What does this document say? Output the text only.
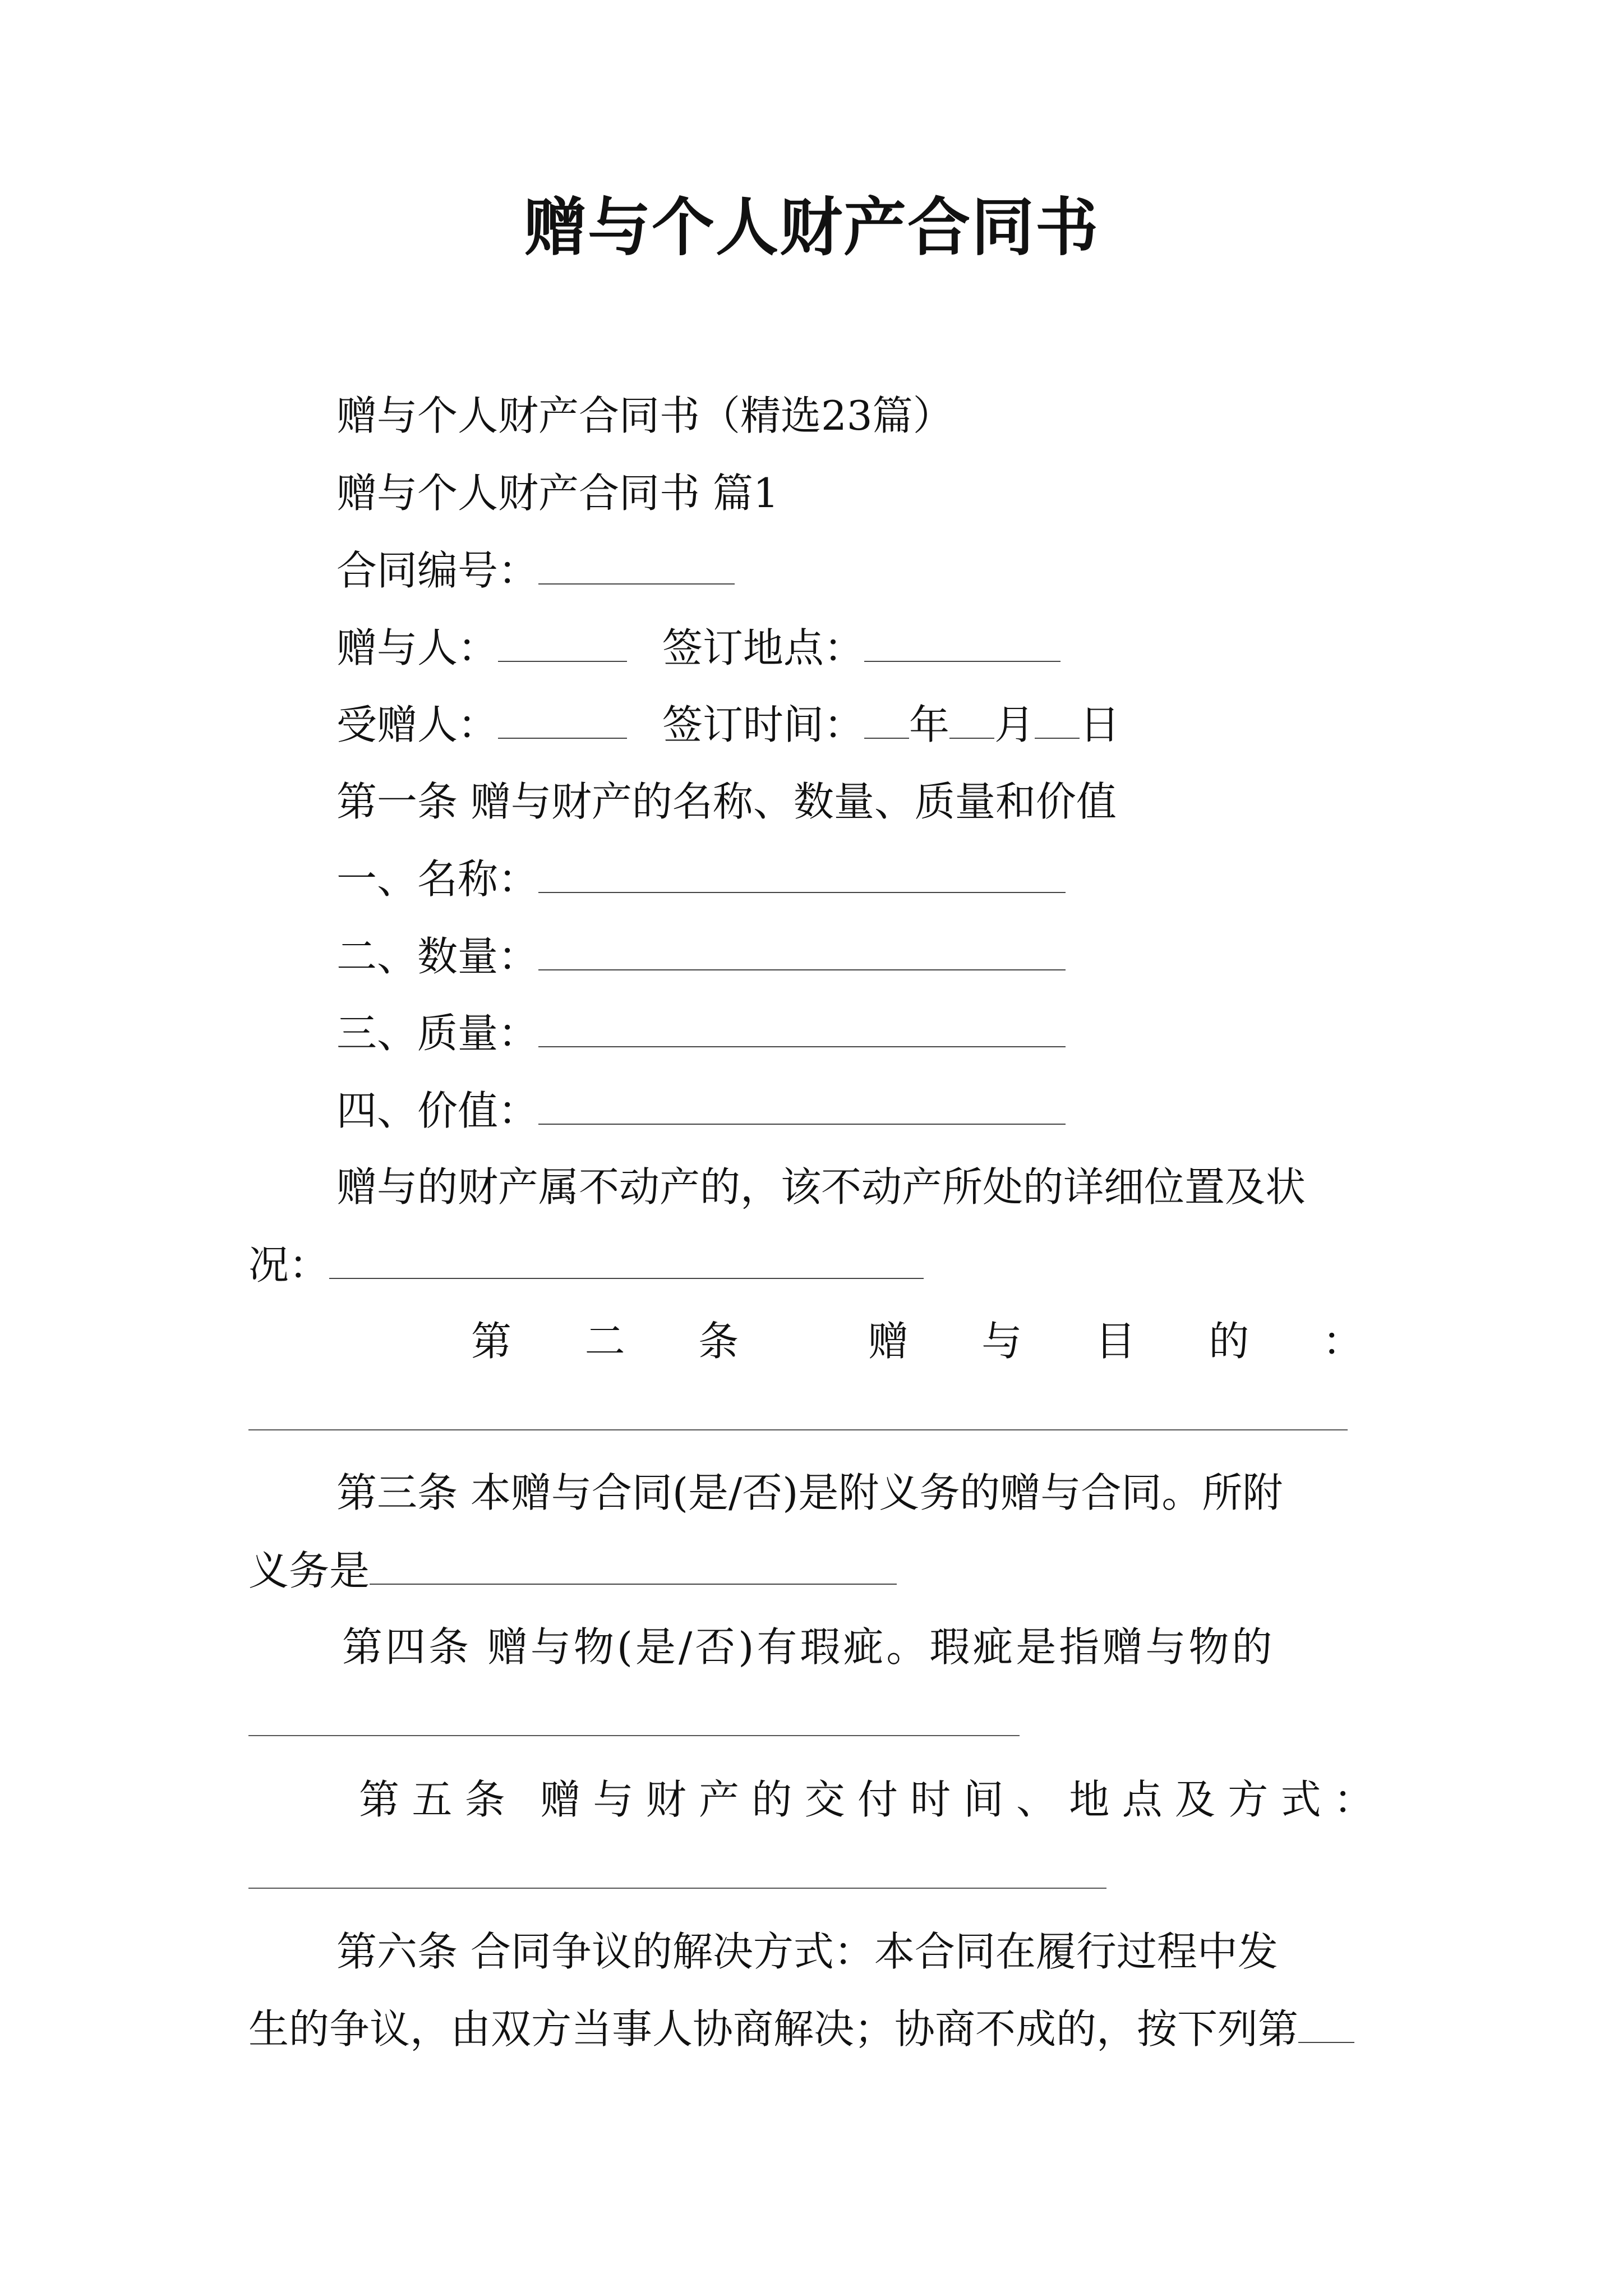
赠与个人财产合同书
赠与个人财产合同书（精选23篇）
赠与个人财产合同书 篇1
合同编号：
赠与人：	签订地点：
受赠人：	签订时间： 年 月 日
第一条 赠与财产的名称、数量、质量和价值
一、名称：
二、数量：
三、质量：
四、价值：
赠与的财产属不动产的，该不动产所处的详细位置及状
况：
第 二 条	赠 与 目 的 ：
第三条 本赠与合同(是/否)是附义务的赠与合同。所附
义务是
第四条 赠与物(是/否)有瑕疵。瑕疵是指赠与物的
第 五 条 赠 与 财 产 的 交 付 时 间 、 地 点 及 方 式 ：
第六条 合同争议的解决方式：本合同在履行过程中发
生的争议，由双方当事人协商解决；协商不成的，按下列第
